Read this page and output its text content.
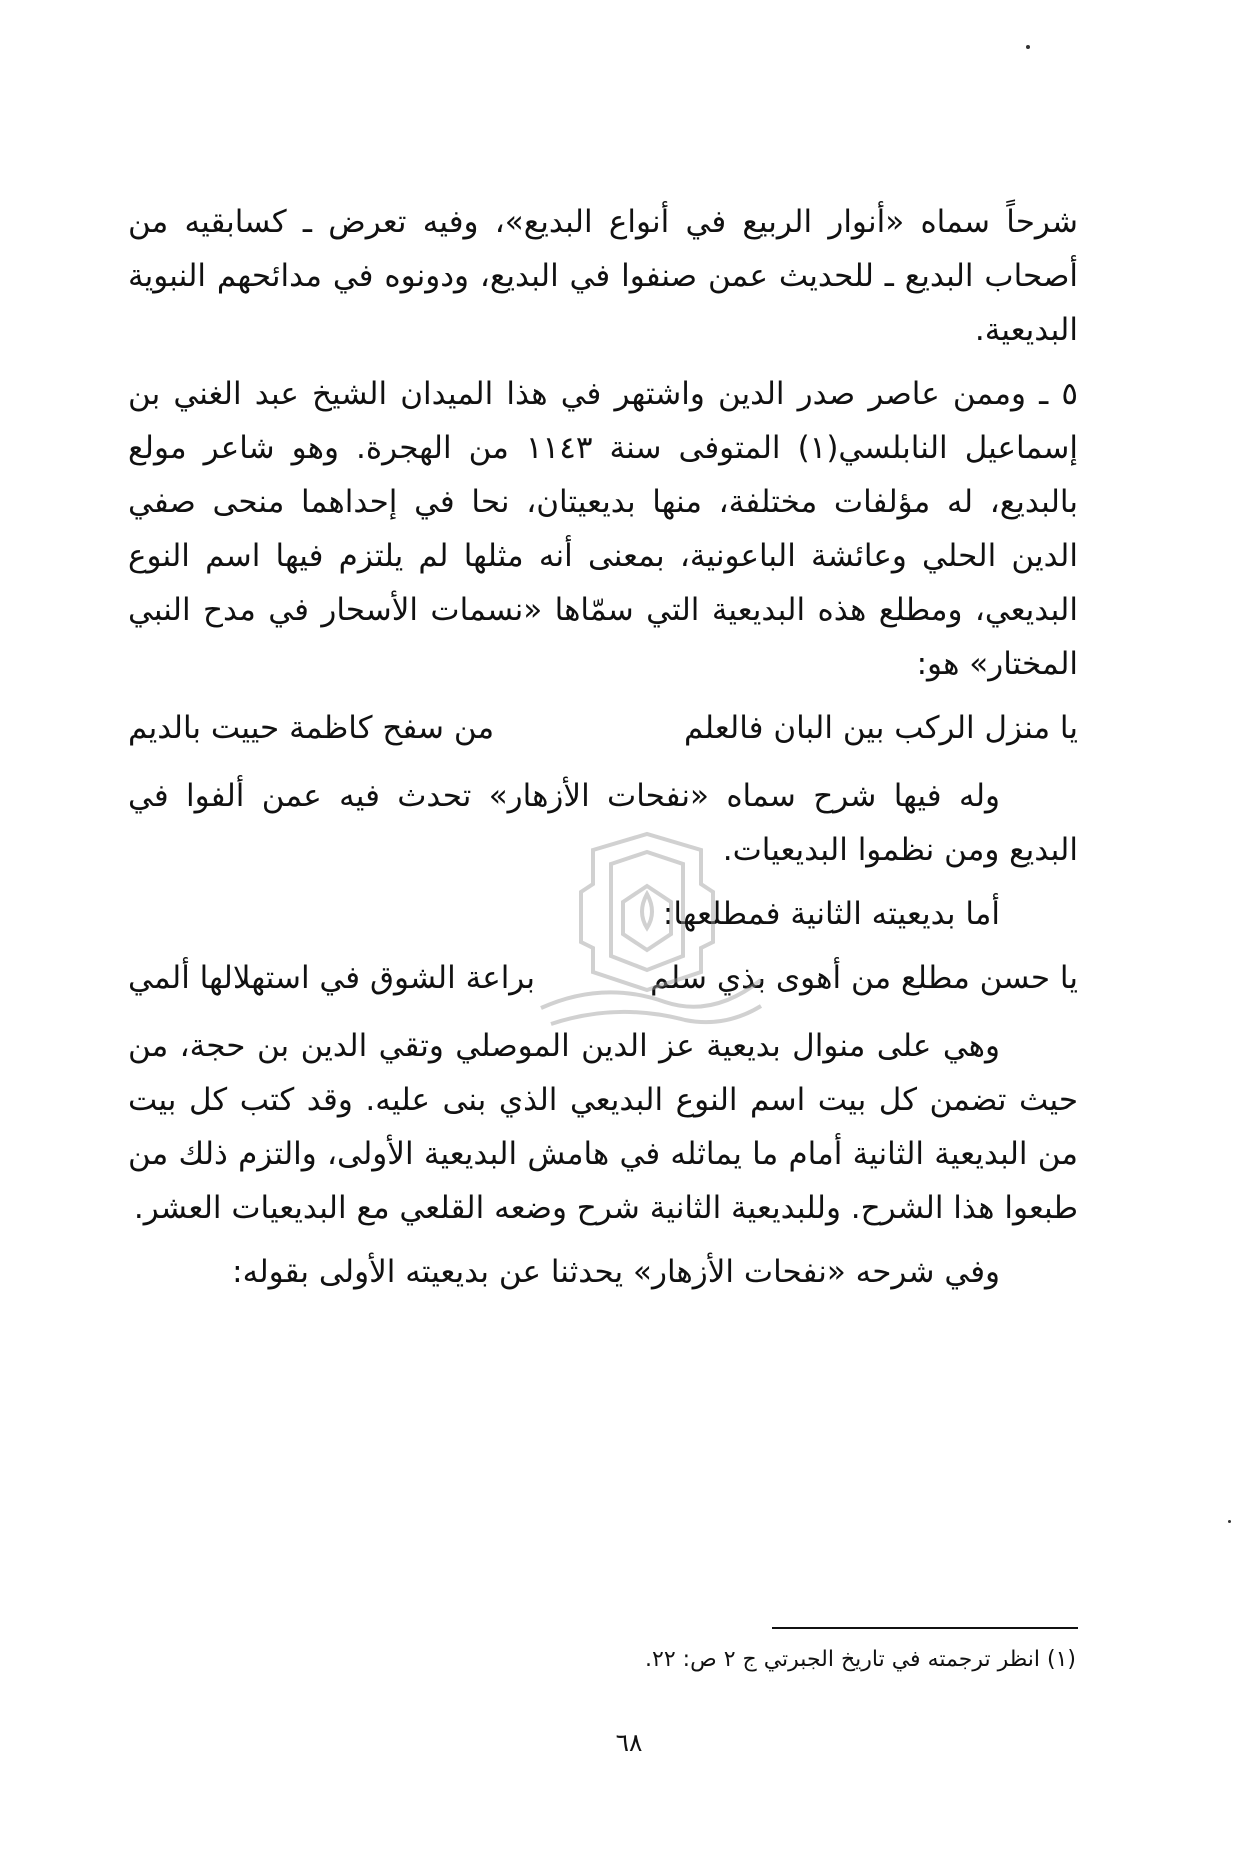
شرحاً سماه «أنوار الربيع في أنواع البديع»، وفيه تعرض ـ كسابقيه من أصحاب البديع ـ للحديث عمن صنفوا في البديع، ودونوه في مدائحهم النبوية البديعية.

٥ ـ وممن عاصر صدر الدين واشتهر في هذا الميدان الشيخ عبد الغني بن إسماعيل النابلسي(١) المتوفى سنة ١١٤٣ من الهجرة. وهو شاعر مولع بالبديع، له مؤلفات مختلفة، منها بديعيتان، نحا في إحداهما منحى صفي الدين الحلي وعائشة الباعونية، بمعنى أنه مثلها لم يلتزم فيها اسم النوع البديعي، ومطلع هذه البديعية التي سمّاها «نسمات الأسحار في مدح النبي المختار» هو:

يا منزل الركب بين البان فالعلم
من سفح كاظمة حييت بالديم

وله فيها شرح سماه «نفحات الأزهار» تحدث فيه عمن ألفوا في البديع ومن نظموا البديعيات.

أما بديعيته الثانية فمطلعها:

يا حسن مطلع من أهوى بذي سلم
براعة الشوق في استهلالها ألمي

وهي على منوال بديعية عز الدين الموصلي وتقي الدين بن حجة، من حيث تضمن كل بيت اسم النوع البديعي الذي بنى عليه. وقد كتب كل بيت من البديعية الثانية أمام ما يماثله في هامش البديعية الأولى، والتزم ذلك من طبعوا هذا الشرح. وللبديعية الثانية شرح وضعه القلعي مع البديعيات العشر.

وفي شرحه «نفحات الأزهار» يحدثنا عن بديعيته الأولى بقوله:

(١) انظر ترجمته في تاريخ الجبرتي ج ٢ ص: ٢٢.
٦٨
